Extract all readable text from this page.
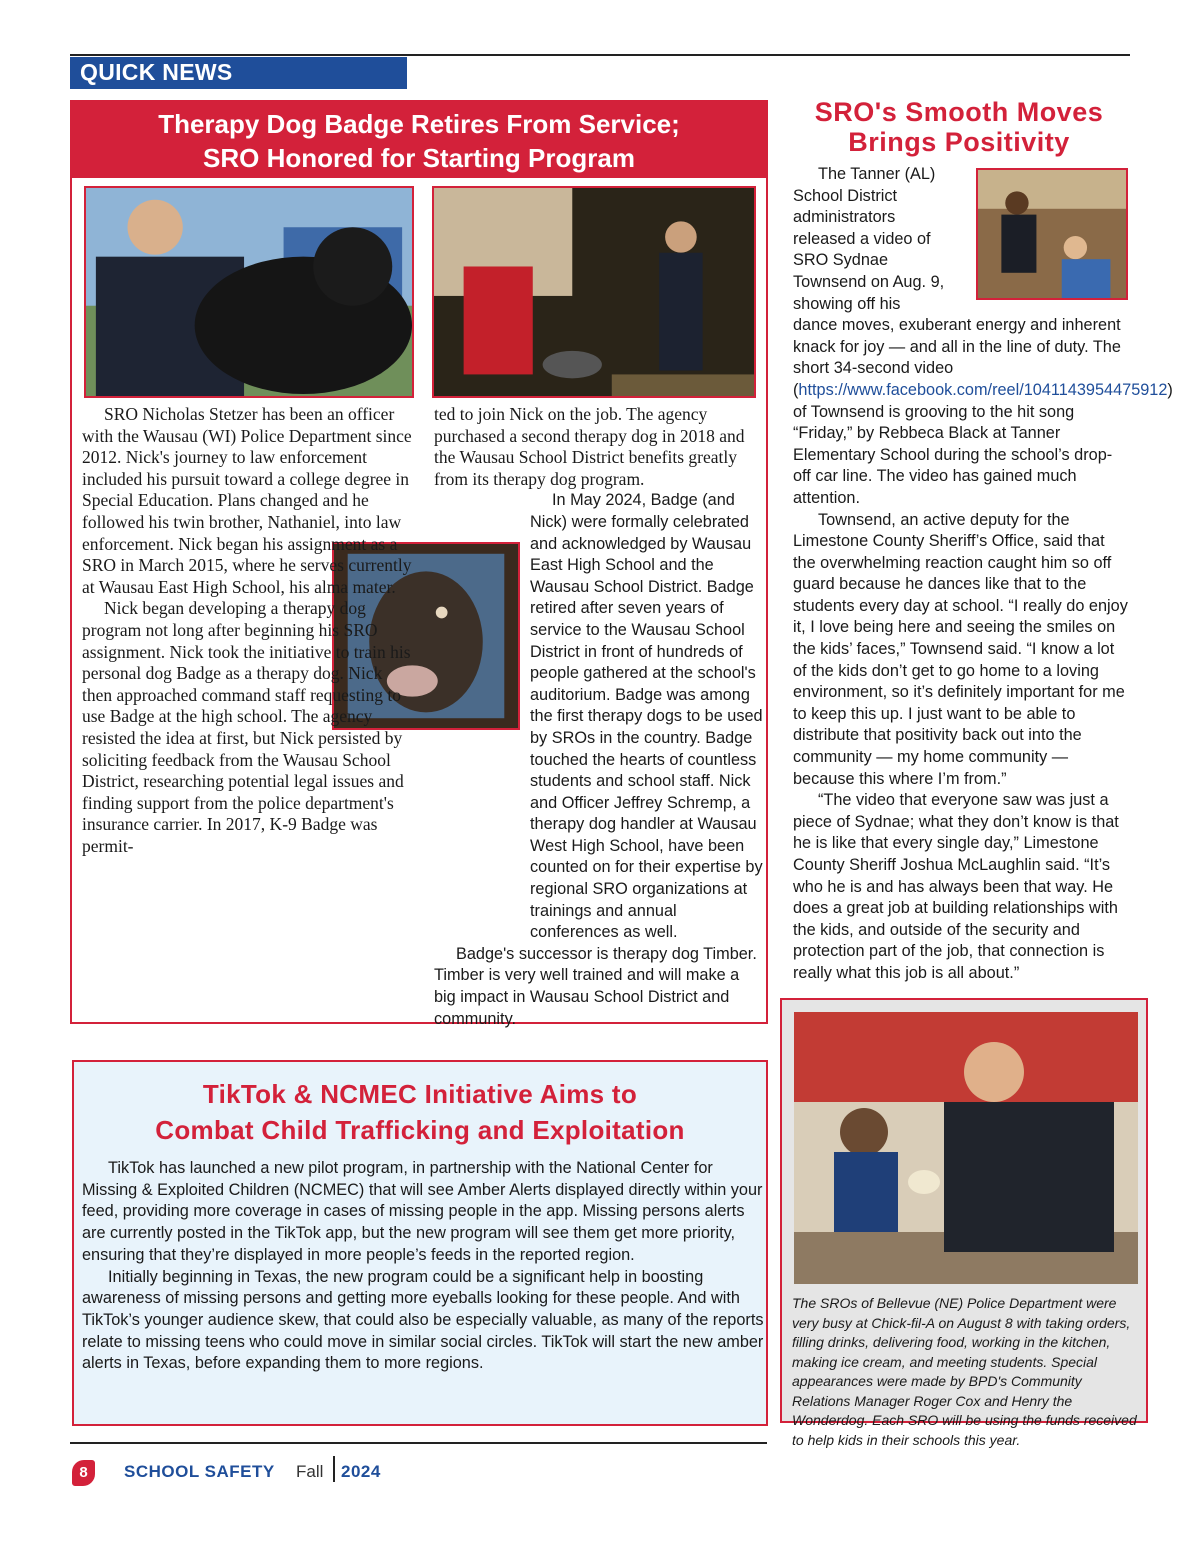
QUICK NEWS
Therapy Dog Badge Retires From Service;
SRO Honored for Starting Program

SRO Nicholas Stetzer has been an officer with the Wausau (WI) Police Department since 2012. Nick's journey to law enforcement included his pursuit toward a college degree in Special Education. Plans changed and he followed his twin brother, Nathaniel, into law enforcement. Nick began his assignment as a SRO in March 2015, where he serves currently at Wausau East High School, his alma mater.

Nick began developing a therapy dog program not long after beginning his SRO assignment. Nick took the initiative to train his personal dog Badge as a therapy dog. Nick then approached command staff requesting to use Badge at the high school. The agency resisted the idea at first, but Nick persisted by soliciting feedback from the Wausau School District, researching potential legal issues and finding support from the police department's insurance carrier. In 2017, K-9 Badge was permit-

ted to join Nick on the job. The agency purchased a second therapy dog in 2018 and the Wausau School District benefits greatly from its therapy dog program.

In May 2024, Badge (and Nick) were formally celebrated and acknowledged by Wausau East High School and the Wausau School District. Badge retired after seven years of service to the Wausau School District in front of hundreds of people gathered at the school's auditorium. Badge was among the first therapy dogs to be used by SROs in the country. Badge touched the hearts of countless students and school staff. Nick and Officer Jeffrey Schremp, a therapy dog handler at Wausau West High School, have been counted on for their expertise by regional SRO organizations at trainings and annual conferences as well.

Badge's successor is therapy dog Timber. Timber is very well trained and will make a big impact in Wausau School District and community.

SRO's Smooth Moves
Brings Positivity

The Tanner (AL) School District administrators released a video of SRO Sydnae Townsend on Aug. 9, showing off his dance moves, exuberant energy and inherent knack for joy — and all in the line of duty. The short 34-second video (https://www.facebook.com/reel/1041143954475912) of Townsend is grooving to the hit song “Friday,” by Rebbeca Black at Tanner Elementary School during the school’s drop-off car line. The video has gained much attention.

Townsend, an active deputy for the Limestone County Sheriff’s Office, said that the overwhelming reaction caught him so off guard because he dances like that to the students every day at school. “I really do enjoy it, I love being here and seeing the smiles on the kids’ faces,” Townsend said. “I know a lot of the kids don’t get to go home to a loving environment, so it’s definitely important for me to keep this up. I just want to be able to distribute that positivity back out into the community — my home community — because this where I’m from.”

“The video that everyone saw was just a piece of Sydnae; what they don’t know is that he is like that every single day,” Limestone County Sheriff Joshua McLaughlin said. “It’s who he is and has always been that way. He does a great job at building relationships with the kids, and outside of the security and protection part of the job, that connection is really what this job is all about.”

The SROs of Bellevue (NE) Police Department were very busy at Chick-fil-A on August 8 with taking orders, filling drinks, delivering food, working in the kitchen, making ice cream, and meeting students. Special appearances were made by BPD's Community Relations Manager Roger Cox and Henry the Wonderdog. Each SRO will be using the funds received to help kids in their schools this year.
TikTok & NCMEC Initiative Aims to
Combat Child Trafficking and Exploitation

TikTok has launched a new pilot program, in partnership with the National Center for Missing & Exploited Children (NCMEC) that will see Amber Alerts displayed directly within your feed, providing more coverage in cases of missing people in the app. Missing persons alerts are currently posted in the TikTok app, but the new program will see them get more priority, ensuring that they’re displayed in more people’s feeds in the reported region.

Initially beginning in Texas, the new program could be a significant help in boosting awareness of missing persons and getting more eyeballs looking for these people. And with TikTok’s younger audience skew, that could also be especially valuable, as many of the reports relate to missing teens who could move in similar social circles. TikTok will start the new amber alerts in Texas, before expanding them to more regions.

8	SCHOOL SAFETY Fall 2024
